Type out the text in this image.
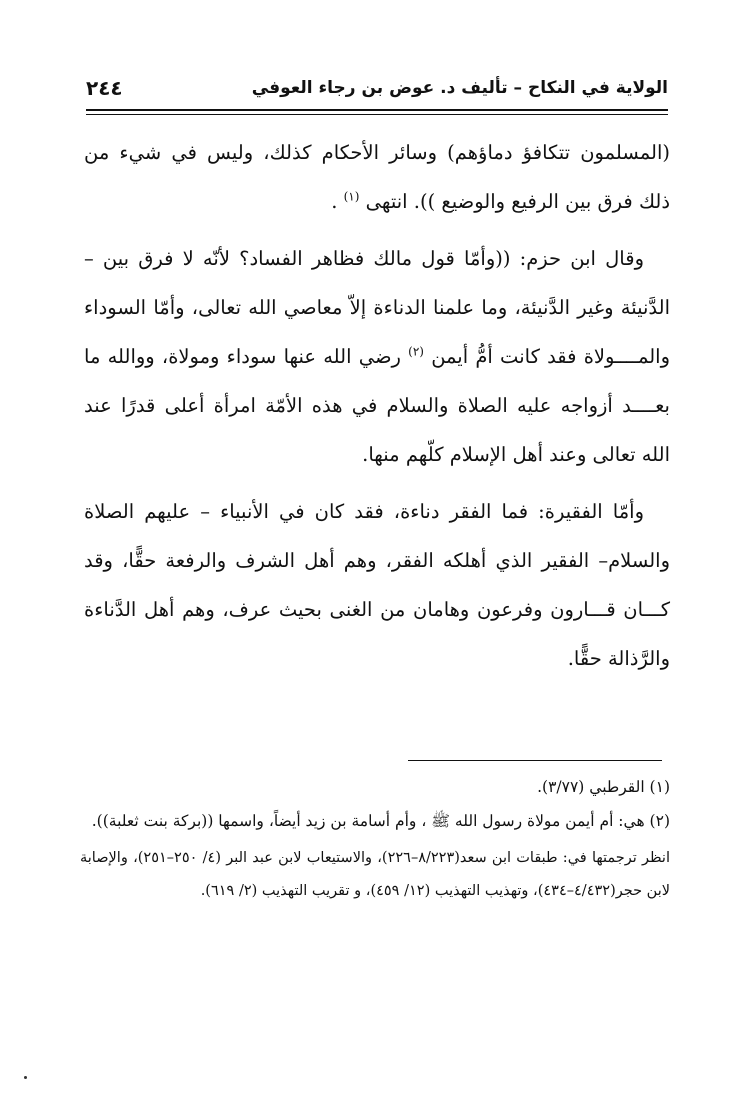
الولاية في النكاح – تأليف د. عوض بن رجاء العوفي
٢٤٤

(المسلمون تتكافؤ دماؤهم) وسائر الأحكام كذلك، وليس في شيء من ذلك فرق بين الرفيع والوضيع )). انتهى $^{(١)}$ .

وقال ابن حزم: ((وأمّا قول مالك فظاهر الفساد؟ لأنّه لا فرق بين – الدَّنيئة وغير الدَّنيئة، وما علمنا الدناءة إلاّ معاصي الله تعالى، وأمّا السوداء والمــــولاة فقد كانت أمُّ أيمن $^{(٢)}$ رضي الله عنها سوداء ومولاة، ووالله ما بعــــد أزواجه عليه الصلاة والسلام في هذه الأمّة امرأة أعلى قدرًا عند الله تعالى وعند أهل الإسلام كلّهم منها.

وأمّا الفقيرة: فما الفقر دناءة، فقد كان في الأنبياء – عليهم الصلاة والسلام– الفقير الذي أهلكه الفقر، وهم أهل الشرف والرفعة حقًّا، وقد كـــان قـــارون وفرعون وهامان من الغنى بحيث عرف، وهم أهل الدَّناءة والرَّذالة حقًّا.

(١) القرطبي (٣/٧٧).

(٢) هي: أم أيمن مولاة رسول الله ﷺ ، وأم أسامة بن زيد أيضاً، واسمها ((بركة بنت ثعلبة)).

انظر ترجمتها في: طبقات ابن سعد(٨/٢٢٣–٢٢٦)، والاستيعاب لابن عبد البر (٤/ ٢٥٠–٢٥١)، والإصابة لابن حجر(٤/٤٣٢–٤٣٤)، وتهذيب التهذيب (١٢/ ٤٥٩)، و تقريب التهذيب (٢/ ٦١٩).
